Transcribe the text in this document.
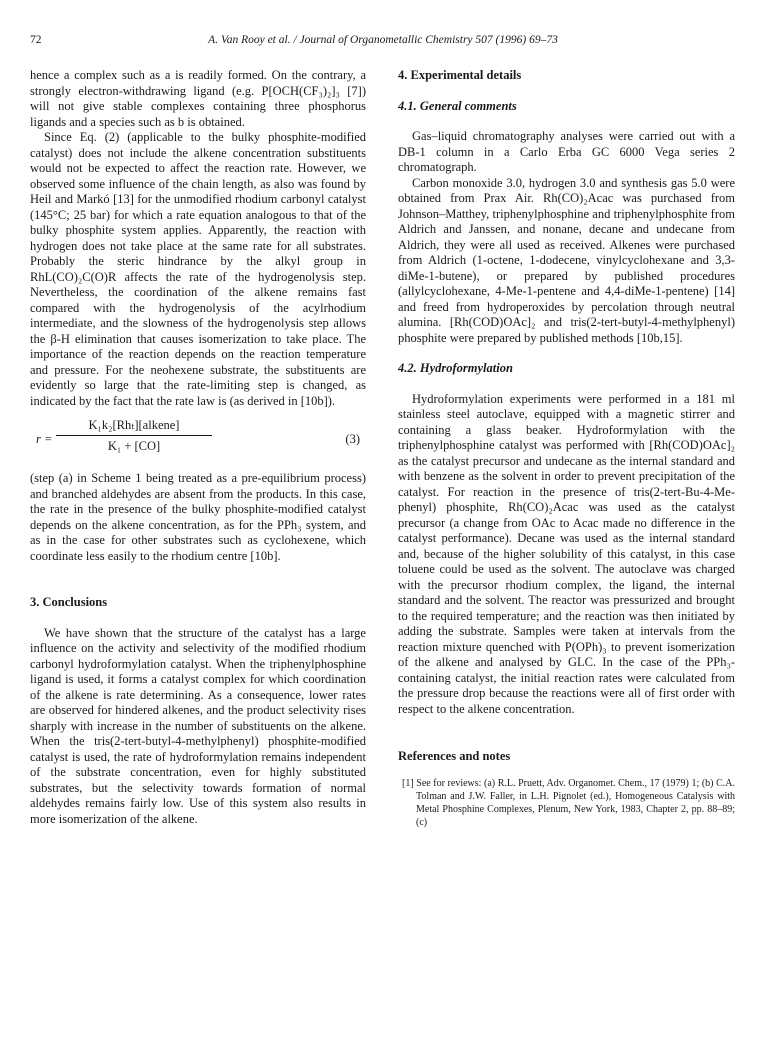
72	A. Van Rooy et al. / Journal of Organometallic Chemistry 507 (1996) 69–73

hence a complex such as a is readily formed. On the contrary, a strongly electron-withdrawing ligand (e.g. P[OCH(CF₃)₂]₃ [7]) will not give stable complexes containing three phosphorus ligands and a species such as b is obtained.

Since Eq. (2) (applicable to the bulky phosphite-modified catalyst) does not include the alkene concentration substituents would not be expected to affect the reaction rate. However, we observed some influence of the chain length, as also was found by Heil and Markó [13] for the unmodified rhodium carbonyl catalyst (145°C; 25 bar) for which a rate equation analogous to that of the bulky phosphite system applies. Apparently, the reaction with hydrogen does not take place at the same rate for all substrates. Probably the steric hindrance by the alkyl group in RhL(CO)₂C(O)R affects the rate of the hydrogenolysis step. Nevertheless, the coordination of the alkene remains fast compared with the hydrogenolysis of the acylrhodium intermediate, and the slowness of the hydrogenolysis step allows the β-H elimination that causes isomerization to take place. The importance of the reaction depends on the reaction temperature and pressure. For the neohexene substrate, the substituents are evidently so large that the rate-limiting step is changed, as indicated by the fact that the rate law is (as derived in [10b]).

r =
K₁k₂[Rhₜ][alkene]
K₁ + [CO]	(3)

(step (a) in Scheme 1 being treated as a pre-equilibrium process) and branched aldehydes are absent from the products. In this case, the rate in the presence of the bulky phosphite-modified catalyst depends on the alkene concentration, as for the PPh₃ system, and as in the case for other substrates such as cyclohexene, which coordinate less easily to the rhodium centre [10b].

3. Conclusions

We have shown that the structure of the catalyst has a large influence on the activity and selectivity of the modified rhodium carbonyl hydroformylation catalyst. When the triphenylphosphine ligand is used, it forms a catalyst complex for which coordination of the alkene is rate determining. As a consequence, lower rates are observed for hindered alkenes, and the product selectivity rises sharply with increase in the number of substituents on the alkene. When the tris(2-tert-butyl-4-methylphenyl) phosphite-modified catalyst is used, the rate of hydroformylation remains independent of the substrate concentration, even for highly substituted substrates, but the selectivity towards formation of normal aldehydes remains fairly low. Use of this system also results in more isomerization of the alkene.

4. Experimental details
4.1. General comments

Gas–liquid chromatography analyses were carried out with a DB-1 column in a Carlo Erba GC 6000 Vega series 2 chromatograph.

Carbon monoxide 3.0, hydrogen 3.0 and synthesis gas 5.0 were obtained from Prax Air. Rh(CO)₂Acac was purchased from Johnson–Matthey, triphenylphosphine and triphenylphosphite from Aldrich and Janssen, and nonane, decane and undecane from Aldrich, they were all used as received. Alkenes were purchased from Aldrich (1-octene, 1-dodecene, vinylcyclohexane and 3,3-diMe-1-butene), or prepared by published procedures (allylcyclohexane, 4-Me-1-pentene and 4,4-diMe-1-pentene) [14] and freed from hydroperoxides by percolation through neutral alumina. [Rh(COD)OAc]₂ and tris(2-tert-butyl-4-methylphenyl) phosphite were prepared by published methods [10b,15].

4.2. Hydroformylation

Hydroformylation experiments were performed in a 181 ml stainless steel autoclave, equipped with a magnetic stirrer and containing a glass beaker. Hydroformylation with the triphenylphosphine catalyst was performed with [Rh(COD)OAc]₂ as the catalyst precursor and undecane as the internal standard and with benzene as the solvent in order to prevent precipitation of the catalyst. For reaction in the presence of tris(2-tert-Bu-4-Me-phenyl) phosphite, Rh(CO)₂Acac was used as the catalyst precursor (a change from OAc to Acac made no difference in the catalyst performance). Decane was used as the internal standard and, because of the higher solubility of this catalyst, in this case toluene could be used as the solvent. The autoclave was charged with the precursor rhodium complex, the ligand, the internal standard and the solvent. The reactor was pressurized and brought to the required temperature; and the reaction was then initiated by adding the substrate. Samples were taken at intervals from the reaction mixture quenched with P(OPh)₃ to prevent isomerization of the alkene and analysed by GLC. In the case of the PPh₃-containing catalyst, the initial reaction rates were calculated from the pressure drop because the reactions were all of first order with respect to the alkene concentration.

References and notes

[1] See for reviews: (a) R.L. Pruett, Adv. Organomet. Chem., 17 (1979) 1; (b) C.A. Tolman and J.W. Faller, in L.H. Pignolet (ed.), Homogeneous Catalysis with Metal Phosphine Complexes, Plenum, New York, 1983, Chapter 2, pp. 88–89; (c)
